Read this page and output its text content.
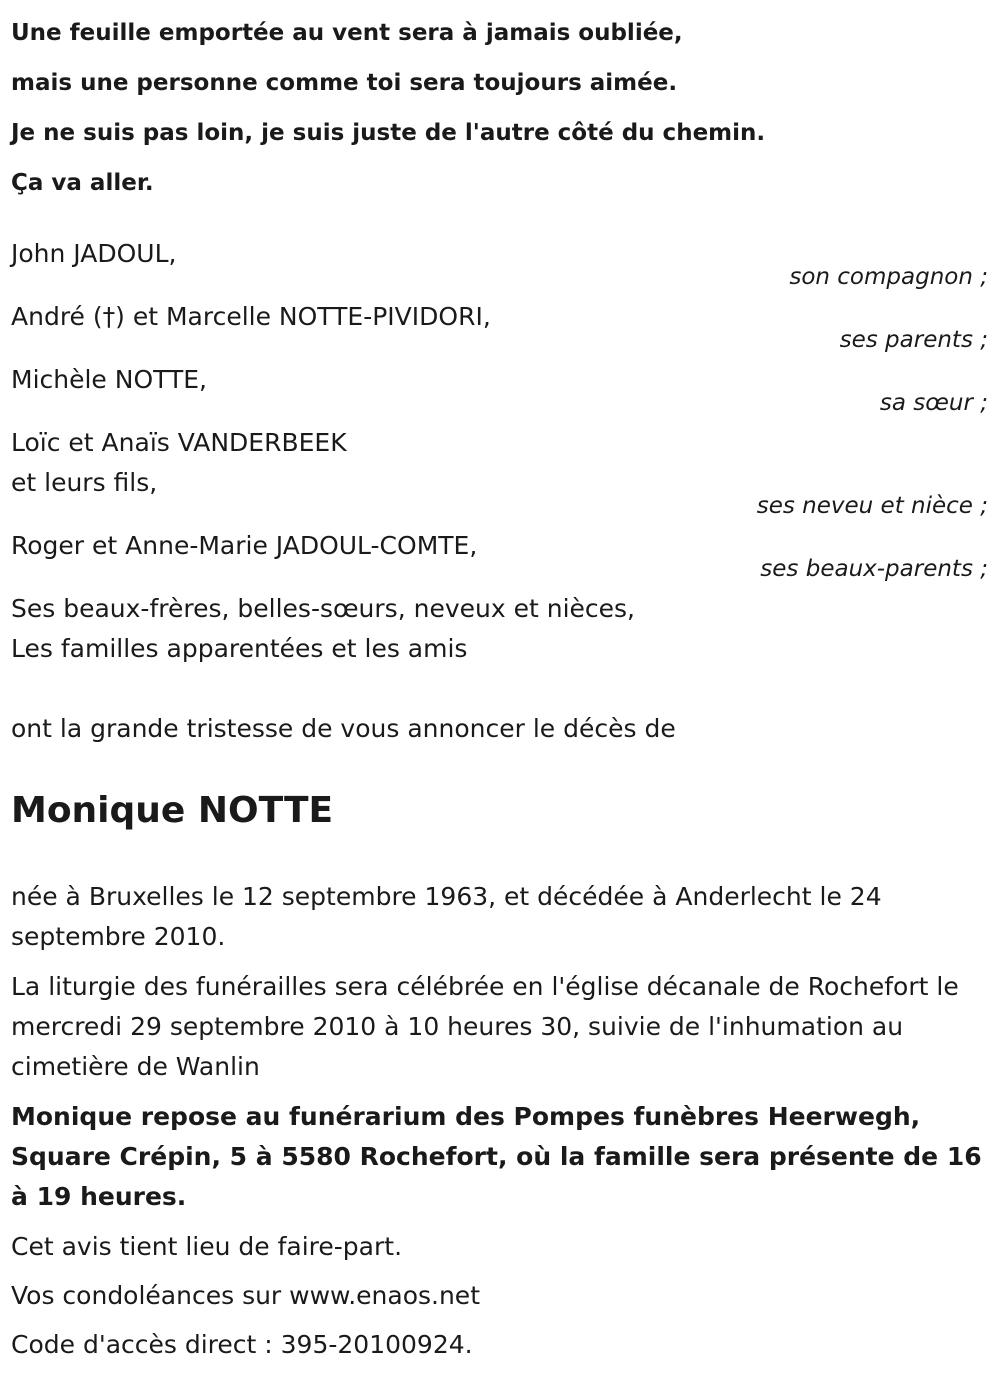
Une feuille emportée au vent sera à jamais oubliée,
mais une personne comme toi sera toujours aimée.
Je ne suis pas loin, je suis juste de l'autre côté du chemin.
Ça va aller.
John JADOUL,
son compagnon ;
André (†) et Marcelle NOTTE-PIVIDORI,
ses parents ;
Michèle NOTTE,
sa sœur ;
Loïc et Anaïs VANDERBEEK
et leurs fils,
ses neveu et nièce ;
Roger et Anne-Marie JADOUL-COMTE,
ses beaux-parents ;
Ses beaux-frères, belles-sœurs, neveux et nièces,
Les familles apparentées et les amis
ont la grande tristesse de vous annoncer le décès de
Monique NOTTE
née à Bruxelles le 12 septembre 1963, et décédée à Anderlecht le 24 septembre 2010.
La liturgie des funérailles sera célébrée en l'église décanale de Rochefort le mercredi 29 septembre 2010 à 10 heures 30, suivie de l'inhumation au cimetière de Wanlin
Monique repose au funérarium des Pompes funèbres Heerwegh, Square Crépin, 5 à 5580 Rochefort, où la famille sera présente de 16 à 19 heures.
Cet avis tient lieu de faire-part.
Vos condoléances sur www.enaos.net
Code d'accès direct : 395-20100924.
